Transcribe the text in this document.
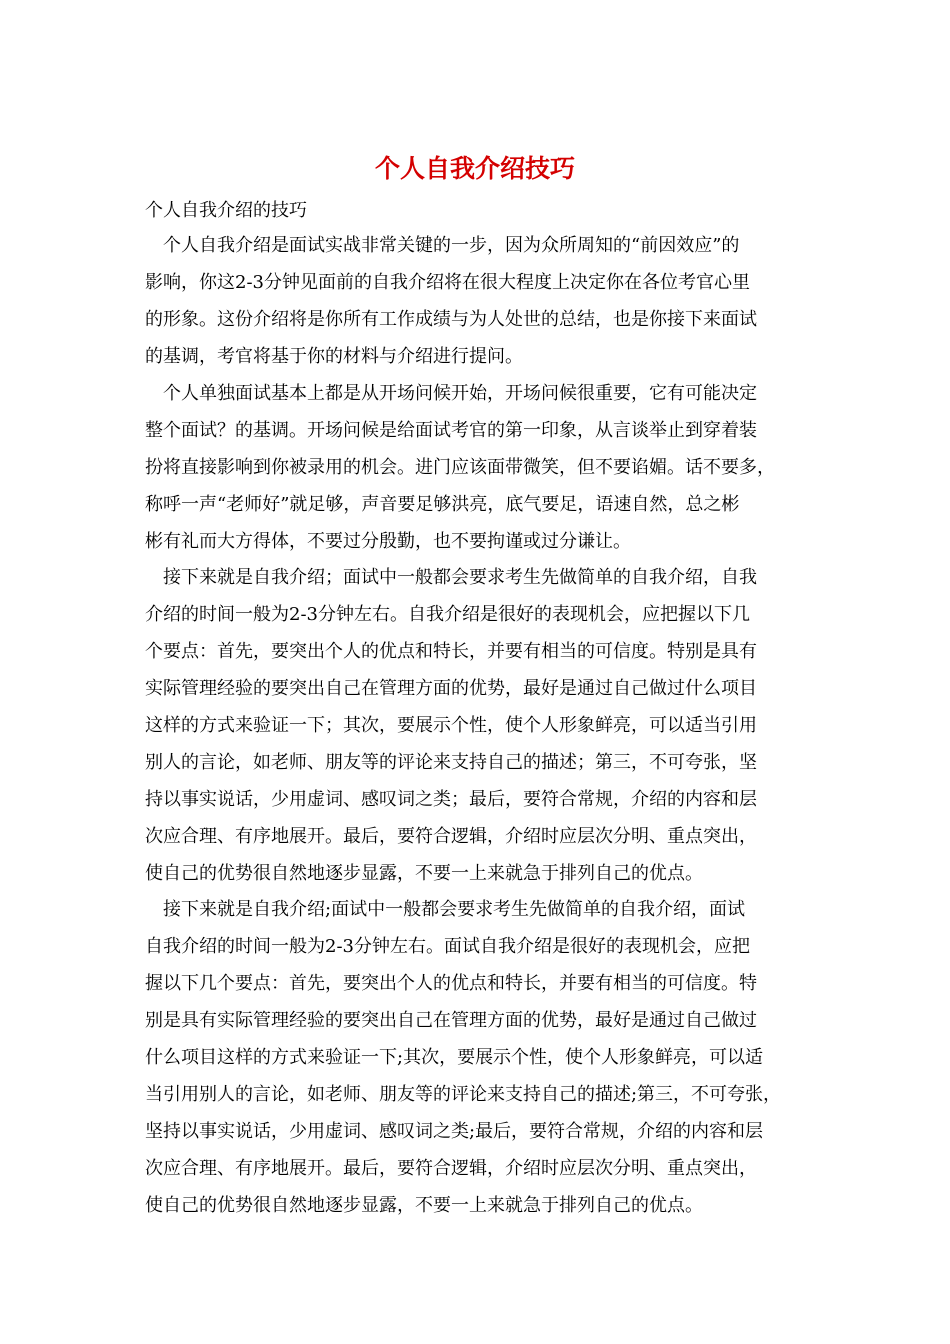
个人自我介绍技巧
个人自我介绍的技巧
　个人自我介绍是面试实战非常关键的一步，因为众所周知的“前因效应”的
影响，你这2-3分钟见面前的自我介绍将在很大程度上决定你在各位考官心里
的形象。这份介绍将是你所有工作成绩与为人处世的总结，也是你接下来面试
的基调，考官将基于你的材料与介绍进行提问。
　个人单独面试基本上都是从开场问候开始，开场问候很重要，它有可能决定
整个面试？的基调。开场问候是给面试考官的第一印象，从言谈举止到穿着装
扮将直接影响到你被录用的机会。进门应该面带微笑，但不要谄媚。话不要多，
称呼一声“老师好”就足够，声音要足够洪亮，底气要足，语速自然，总之彬
彬有礼而大方得体，不要过分殷勤，也不要拘谨或过分谦让。
　接下来就是自我介绍；面试中一般都会要求考生先做简单的自我介绍，自我
介绍的时间一般为2-3分钟左右。自我介绍是很好的表现机会，应把握以下几
个要点：首先，要突出个人的优点和特长，并要有相当的可信度。特别是具有
实际管理经验的要突出自己在管理方面的优势，最好是通过自己做过什么项目
这样的方式来验证一下；其次，要展示个性，使个人形象鲜亮，可以适当引用
别人的言论，如老师、朋友等的评论来支持自己的描述；第三，不可夸张，坚
持以事实说话，少用虚词、感叹词之类；最后，要符合常规，介绍的内容和层
次应合理、有序地展开。最后，要符合逻辑，介绍时应层次分明、重点突出，
使自己的优势很自然地逐步显露，不要一上来就急于排列自己的优点。
　接下来就是自我介绍;面试中一般都会要求考生先做简单的自我介绍，面试
自我介绍的时间一般为2-3分钟左右。面试自我介绍是很好的表现机会，应把
握以下几个要点：首先，要突出个人的优点和特长，并要有相当的可信度。特
别是具有实际管理经验的要突出自己在管理方面的优势，最好是通过自己做过
什么项目这样的方式来验证一下;其次，要展示个性，使个人形象鲜亮，可以适
当引用别人的言论，如老师、朋友等的评论来支持自己的描述;第三，不可夸张，
坚持以事实说话，少用虚词、感叹词之类;最后，要符合常规，介绍的内容和层
次应合理、有序地展开。最后，要符合逻辑，介绍时应层次分明、重点突出，
使自己的优势很自然地逐步显露，不要一上来就急于排列自己的优点。
